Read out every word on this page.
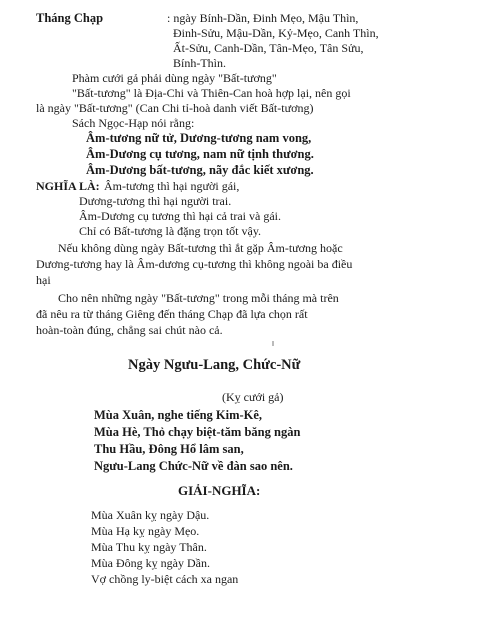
Tháng Chạp	: ngày Bính-Dần, Đinh Mẹo, Mậu Thìn,
Đinh-Sửu, Mậu-Dần, Kỷ-Mẹo, Canh Thìn,
Ất-Sửu, Canh-Dần, Tân-Mẹo, Tân Sửu,
Bính-Thìn.
Phàm cưới gả phải dùng ngày "Bất-tương"
"Bất-tương" là Địa-Chi và Thiên-Can hoà hợp lại, nên gọi
là ngày "Bất-tương" (Can Chi tỉ-hoà danh viết Bất-tương)
Sách Ngọc-Hạp nói rằng:
Âm-tương nữ tử, Dương-tương nam vong,
Âm-Dương cụ tương, nam nữ tịnh thương.
Âm-Dương bất-tương, nãy đắc kiết xương.
NGHĨA LÀ: Âm-tương thì hại người gái,
Dương-tương thì hại người trai.
Âm-Dương cụ tương thì hại cả trai và gái.
Chỉ có Bất-tương là đặng trọn tốt vậy.
Nếu không dùng ngày Bất-tương thì ắt gặp Âm-tương hoặc
Dương-tương hay là Âm-dương cụ-tương thì không ngoài ba điều
hại
Cho nên những ngày "Bất-tương" trong mỗi tháng mà trên
đã nêu ra từ tháng Giêng đến tháng Chạp đã lựa chọn rất
hoàn-toàn đúng, chẳng sai chút nào cả.
Ngày Ngưu-Lang, Chức-Nữ
(Kỵ cưới gả)
Mùa Xuân, nghe tiếng Kim-Kê,
Mùa Hè, Thỏ chạy biệt-tăm băng ngàn
Thu Hầu, Đông Hổ lâm san,
Ngưu-Lang Chức-Nữ về đàn sao nên.
GIẢI-NGHĨA:
Mùa Xuân kỵ ngày Dậu.
Mùa Hạ kỵ ngày Mẹo.
Mùa Thu kỵ ngày Thân.
Mùa Đông kỵ ngày Dần.
Vợ chồng ly-biệt cách xa ngan
